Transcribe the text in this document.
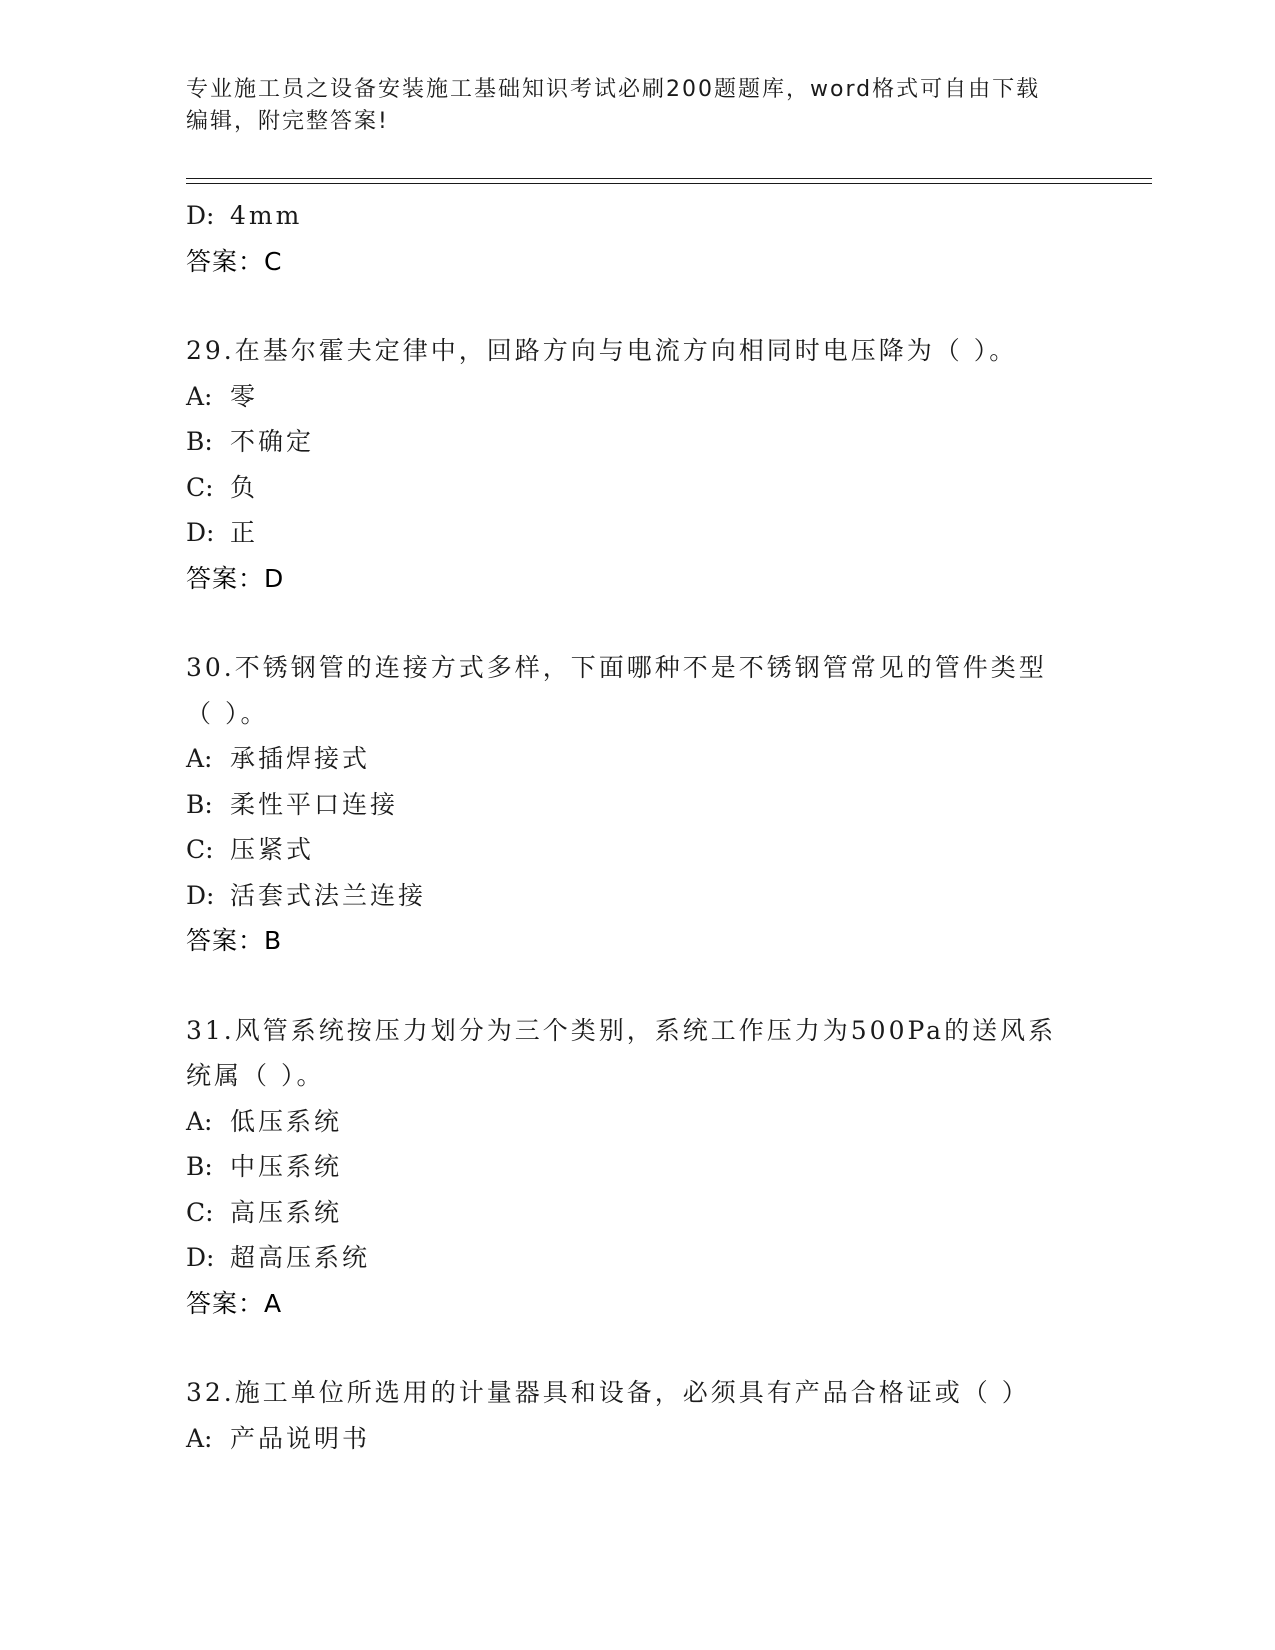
专业施工员之设备安装施工基础知识考试必刷200题题库，word格式可自由下载
编辑，附完整答案!
D: 4mm
答案：C
29.在基尔霍夫定律中，回路方向与电流方向相同时电压降为（ ）。
A: 零
B: 不确定
C: 负
D: 正
答案：D
30.不锈钢管的连接方式多样，下面哪种不是不锈钢管常见的管件类型
（ ）。
A: 承插焊接式
B: 柔性平口连接
C: 压紧式
D: 活套式法兰连接
答案：B
31.风管系统按压力划分为三个类别，系统工作压力为500Pa的送风系
统属（ ）。
A: 低压系统
B: 中压系统
C: 高压系统
D: 超高压系统
答案：A
32.施工单位所选用的计量器具和设备，必须具有产品合格证或（ ）
A: 产品说明书
